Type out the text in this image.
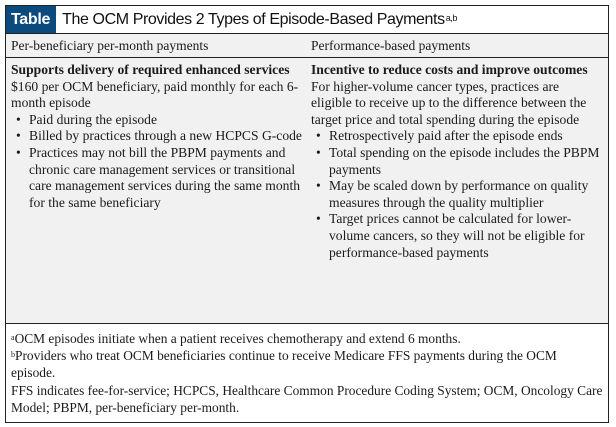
Table The OCM Provides 2 Types of Episode-Based Payments$^{a,b}$
Per-beneficiary per-month payments	Performance-based payments
Supports delivery of required enhanced services
$160 per OCM beneficiary, paid monthly for each 6-month episode
• Paid during the episode
• Billed by practices through a new HCPCS G-code
• Practices may not bill the PBPM payments and chronic care management services or transitional care management services during the same month for the same beneficiary
Incentive to reduce costs and improve outcomes
For higher-volume cancer types, practices are eligible to receive up to the difference between the target price and total spending during the episode
• Retrospectively paid after the episode ends
• Total spending on the episode includes the PBPM payments
• May be scaled down by performance on quality measures through the quality multiplier
• Target prices cannot be calculated for lower-volume cancers, so they will not be eligible for performance-based payments

$^a$OCM episodes initiate when a patient receives chemotherapy and extend 6 months.

$^b$Providers who treat OCM beneficiaries continue to receive Medicare FFS payments during the OCM episode.

FFS indicates fee-for-service; HCPCS, Healthcare Common Procedure Coding System; OCM, Oncology Care Model; PBPM, per-beneficiary per-month.
